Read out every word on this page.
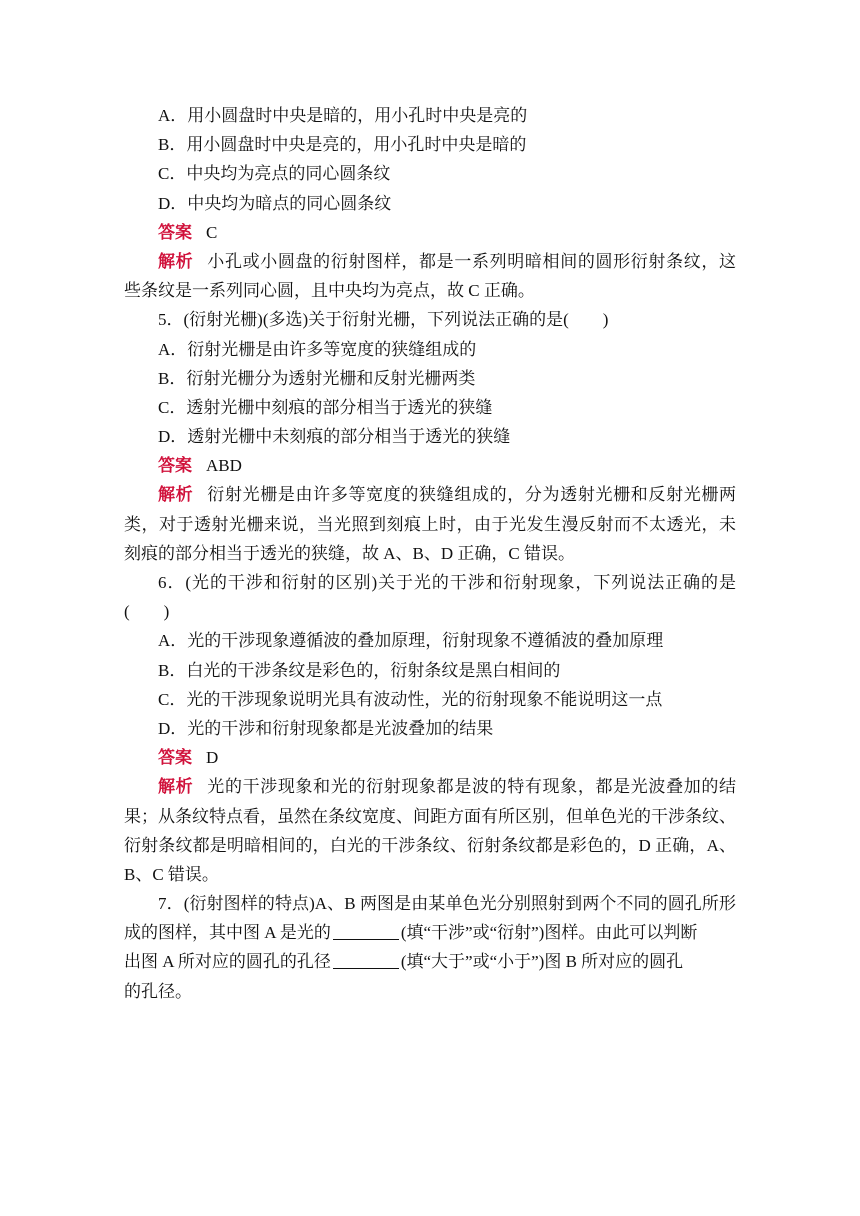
A．用小圆盘时中央是暗的，用小孔时中央是亮的
B．用小圆盘时中央是亮的，用小孔时中央是暗的
C．中央均为亮点的同心圆条纹
D．中央均为暗点的同心圆条纹
答案 C
解析 小孔或小圆盘的衍射图样，都是一系列明暗相间的圆形衍射条纹，这
些条纹是一系列同心圆，且中央均为亮点，故 C 正确。
5．(衍射光栅)(多选)关于衍射光栅，下列说法正确的是(　　)
A．衍射光栅是由许多等宽度的狭缝组成的
B．衍射光栅分为透射光栅和反射光栅两类
C．透射光栅中刻痕的部分相当于透光的狭缝
D．透射光栅中未刻痕的部分相当于透光的狭缝
答案 ABD
解析 衍射光栅是由许多等宽度的狭缝组成的，分为透射光栅和反射光栅两
类，对于透射光栅来说，当光照到刻痕上时，由于光发生漫反射而不太透光，未
刻痕的部分相当于透光的狭缝，故 A、B、D 正确，C 错误。
6．(光的干涉和衍射的区别)关于光的干涉和衍射现象，下列说法正确的是
(　　)
A．光的干涉现象遵循波的叠加原理，衍射现象不遵循波的叠加原理
B．白光的干涉条纹是彩色的，衍射条纹是黑白相间的
C．光的干涉现象说明光具有波动性，光的衍射现象不能说明这一点
D．光的干涉和衍射现象都是光波叠加的结果
答案 D
解析 光的干涉现象和光的衍射现象都是波的特有现象，都是光波叠加的结
果；从条纹特点看，虽然在条纹宽度、间距方面有所区别，但单色光的干涉条纹、
衍射条纹都是明暗相间的，白光的干涉条纹、衍射条纹都是彩色的，D 正确，A、
B、C 错误。
7．(衍射图样的特点)A、B 两图是由某单色光分别照射到两个不同的圆孔所形
成的图样，其中图 A 是光的	(填“干涉”或“衍射”)图样。由此可以判断
出图 A 所对应的圆孔的孔径	(填“大于”或“小于”)图 B 所对应的圆孔
的孔径。
